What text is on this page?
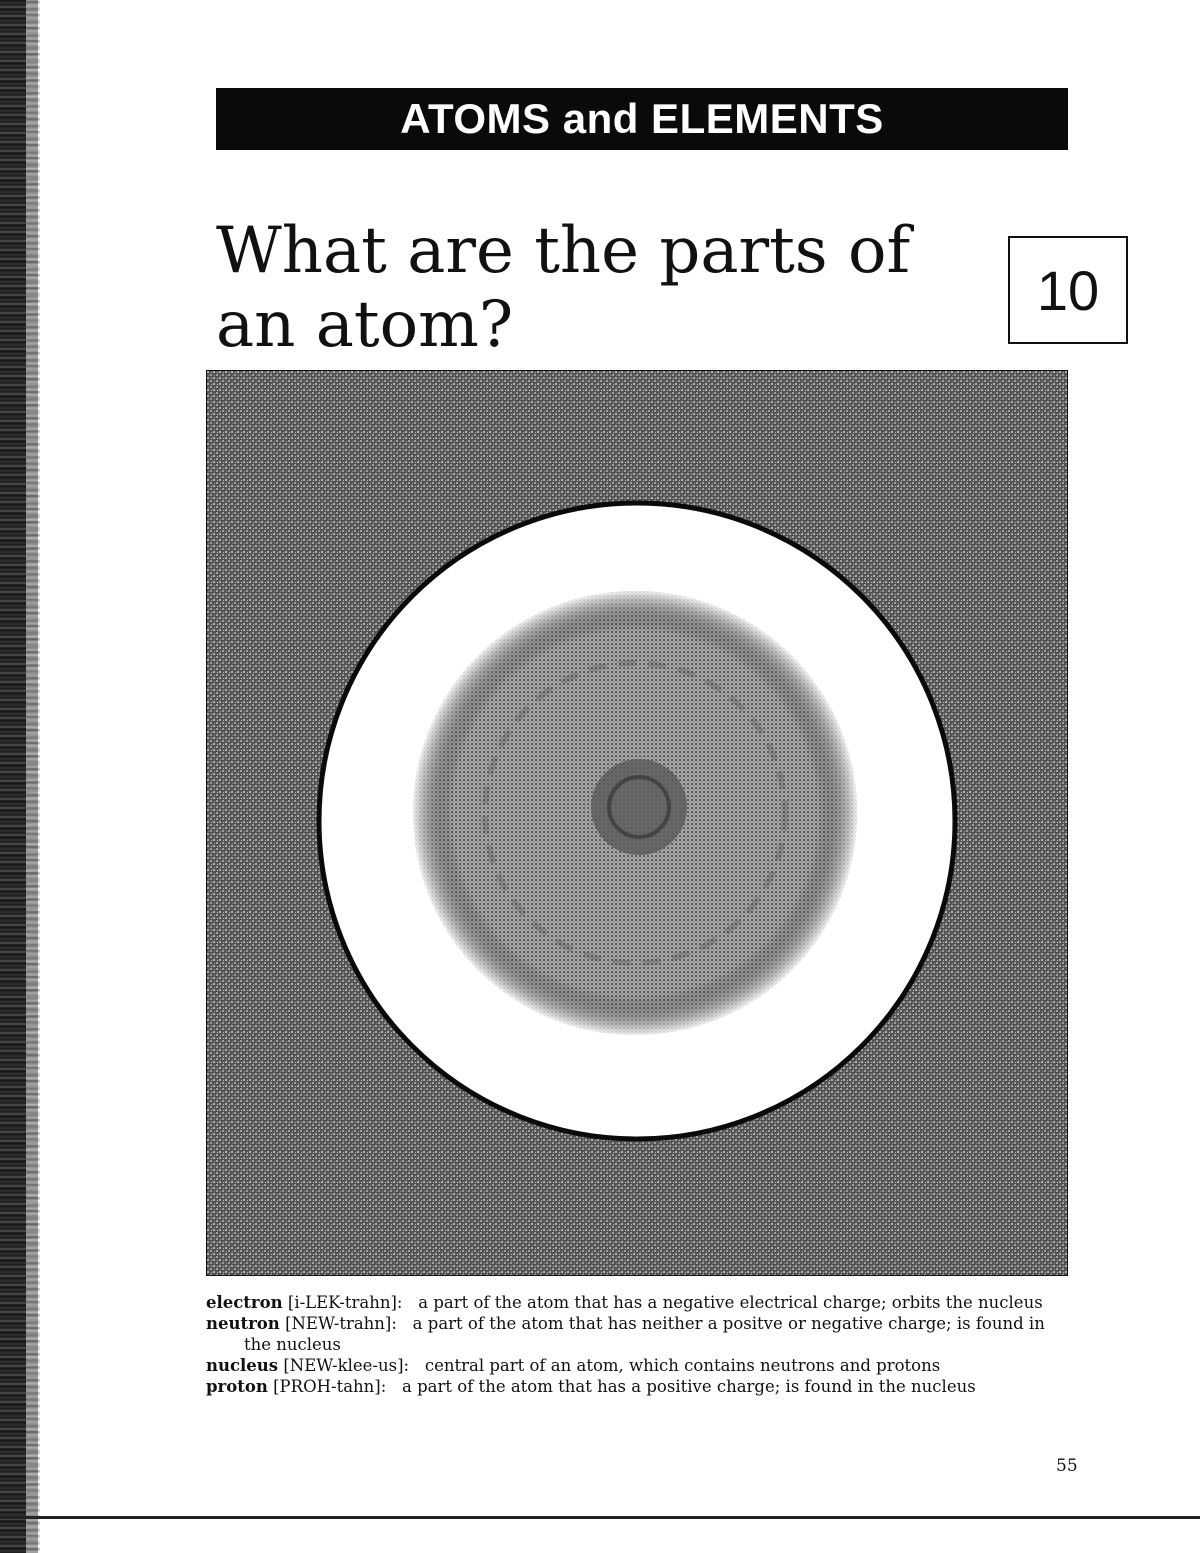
ATOMS and ELEMENTS
What are the parts of
an atom?	10

electron [i-LEK-trahn]: a part of the atom that has a negative electrical charge; orbits the nucleus

neutron [NEW-trahn]: a part of the atom that has neither a positve or negative charge; is found in the nucleus

nucleus [NEW-klee-us]: central part of an atom, which contains neutrons and protons

proton [PROH-tahn]: a part of the atom that has a positive charge; is found in the nucleus

55
